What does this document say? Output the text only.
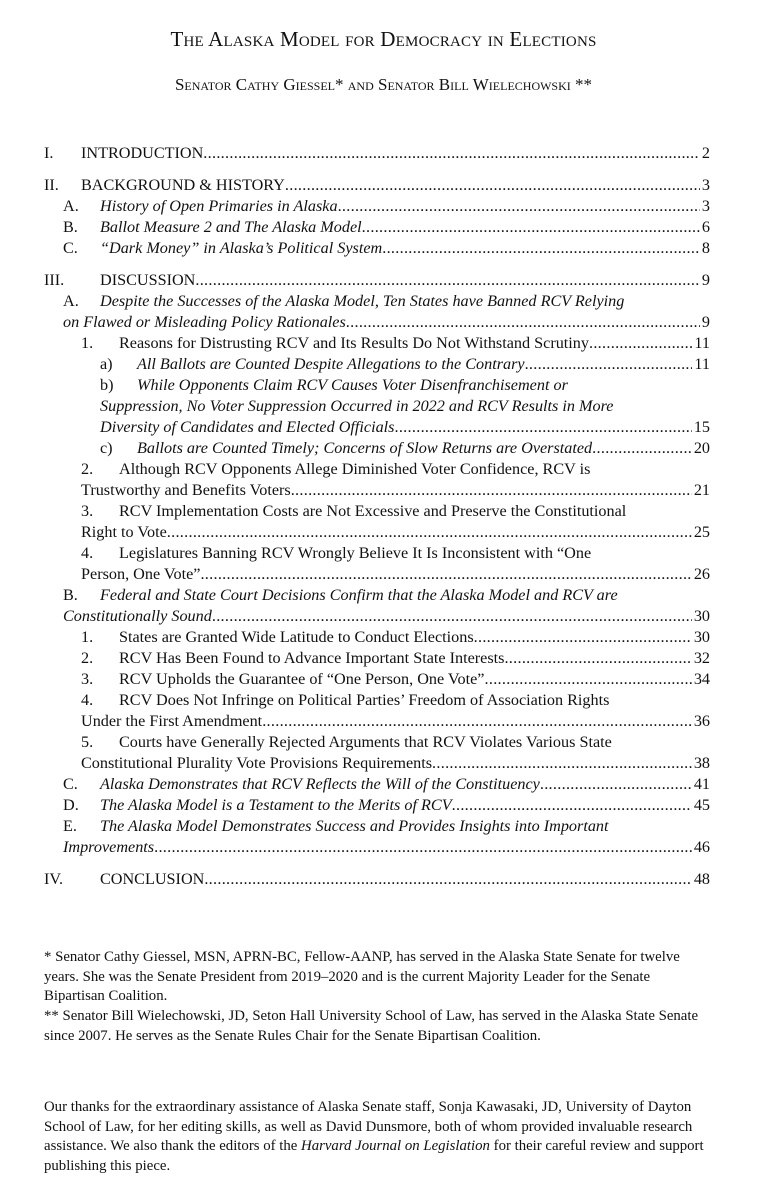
The Alaska Model for Democracy in Elections
Senator Cathy Giessel* and Senator Bill Wielechowski **
I.	INTRODUCTION .....	2
II.	BACKGROUND & HISTORY .....	3
A.	History of Open Primaries in Alaska .....	3
B.	Ballot Measure 2 and The Alaska Model .....	6
C.	“Dark Money” in Alaska’s Political System .....	8
III.	DISCUSSION .....	9
A. Despite the Successes of the Alaska Model, Ten States have Banned RCV Relying
on Flawed or Misleading Policy Rationales .....	9
1.	Reasons for Distrusting RCV and Its Results Do Not Withstand Scrutiny .....	11
a)	All Ballots are Counted Despite Allegations to the Contrary .....	11
b) While Opponents Claim RCV Causes Voter Disenfranchisement or
Suppression, No Voter Suppression Occurred in 2022 and RCV Results in More
Diversity of Candidates and Elected Officials .....	15
c)	Ballots are Counted Timely; Concerns of Slow Returns are Overstated .....	20
2. Although RCV Opponents Allege Diminished Voter Confidence, RCV is
Trustworthy and Benefits Voters .....	21
3. RCV Implementation Costs are Not Excessive and Preserve the Constitutional
Right to Vote .....	25
4. Legislatures Banning RCV Wrongly Believe It Is Inconsistent with “One
Person, One Vote” .....	26
B. Federal and State Court Decisions Confirm that the Alaska Model and RCV are
Constitutionally Sound .....	30
1.	States are Granted Wide Latitude to Conduct Elections .....	30
2.	RCV Has Been Found to Advance Important State Interests .....	32
3.	RCV Upholds the Guarantee of “One Person, One Vote” .....	34
4. RCV Does Not Infringe on Political Parties’ Freedom of Association Rights
Under the First Amendment .....	36
5. Courts have Generally Rejected Arguments that RCV Violates Various State
Constitutional Plurality Vote Provisions Requirements .....	38
C.	Alaska Demonstrates that RCV Reflects the Will of the Constituency .....	41
D.	The Alaska Model is a Testament to the Merits of RCV .....	45
E. The Alaska Model Demonstrates Success and Provides Insights into Important
Improvements .....	46
IV.	CONCLUSION .....	48

* Senator Cathy Giessel, MSN, APRN-BC, Fellow-AANP, has served in the Alaska State Senate for twelve years. She was the Senate President from 2019–2020 and is the current Majority Leader for the Senate Bipartisan Coalition.

** Senator Bill Wielechowski, JD, Seton Hall University School of Law, has served in the Alaska State Senate since 2007. He serves as the Senate Rules Chair for the Senate Bipartisan Coalition.

Our thanks for the extraordinary assistance of Alaska Senate staff, Sonja Kawasaki, JD, University of Dayton School of Law, for her editing skills, as well as David Dunsmore, both of whom provided invaluable research assistance. We also thank the editors of the Harvard Journal on Legislation for their careful review and support publishing this piece.
